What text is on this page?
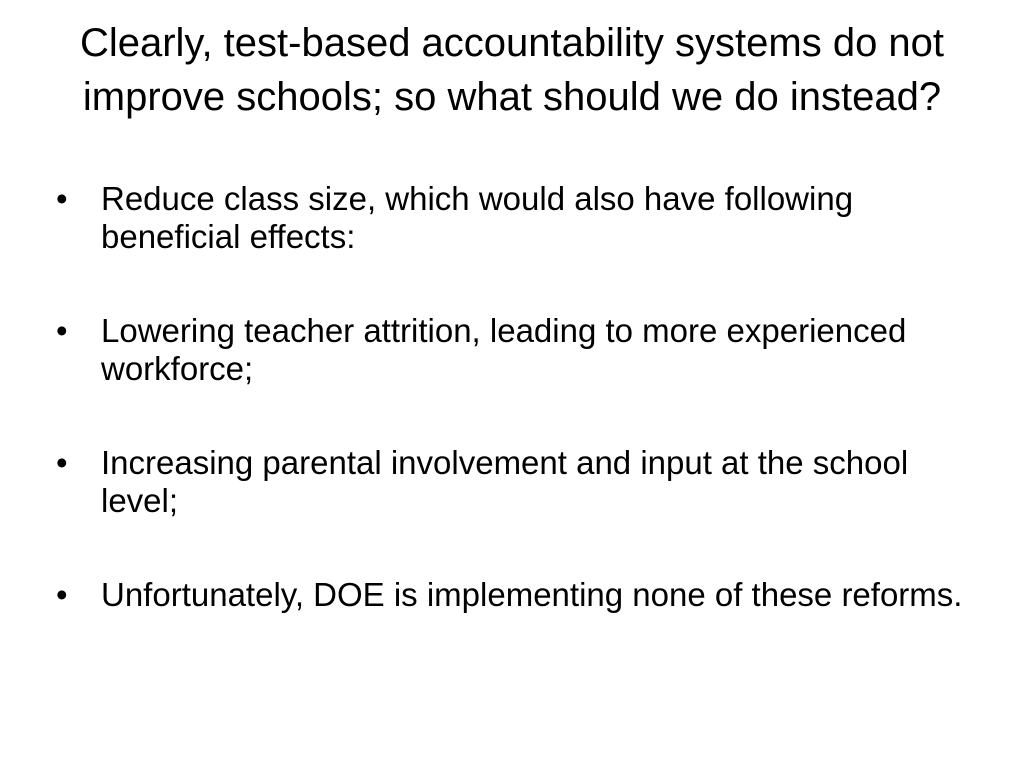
Clearly, test-based accountability systems do not improve schools; so what should we do instead?
•	Reduce class size, which would also have following beneficial effects:
•	Lowering teacher attrition, leading to more experienced workforce;
•	Increasing parental involvement and input at the school level;
•	Unfortunately, DOE is implementing none of these reforms.
